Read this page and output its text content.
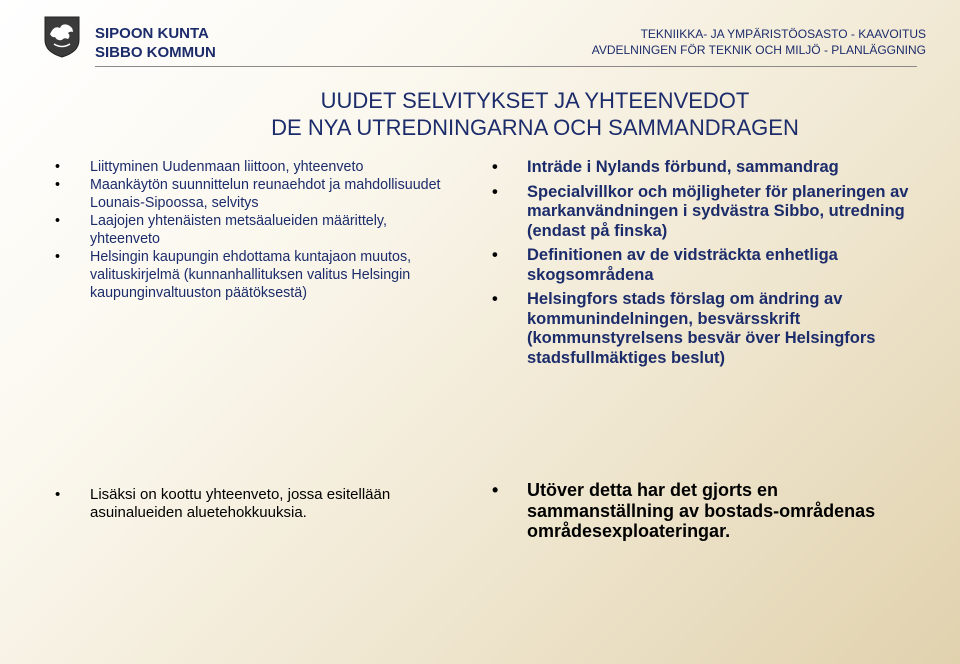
SIPOON KUNTA
SIBBO KOMMUN
TEKNIIKKA- JA YMPÄRISTÖOSASTO - KAAVOITUS
AVDELNINGEN FÖR TEKNIK OCH MILJÖ - PLANLÄGGNING
UUDET SELVITYKSET JA YHTEENVEDOT
DE NYA UTREDNINGARNA OCH SAMMANDRAGEN
• Liittyminen Uudenmaan liittoon, yhteenveto
• Maankäytön suunnittelun reunaehdot ja mahdollisuudet Lounais-Sipoossa, selvitys
• Laajojen yhtenäisten metsäalueiden määrittely, yhteenveto
• Helsingin kaupungin ehdottama kuntajaon muutos, valituskirjelmä (kunnanhallituksen valitus Helsingin kaupunginvaltuuston päätöksestä)
• Inträde i Nylands förbund, sammandrag
• Specialvillkor och möjligheter för planeringen av markanvändningen i sydvästra Sibbo, utredning (endast på finska)
• Definitionen av de vidsträckta enhetliga skogsområdena
• Helsingfors stads förslag om ändring av kommunindelningen, besvärsskrift (kommunstyrelsens besvär över Helsingfors stadsfullmäktiges beslut)
• Lisäksi on koottu yhteenveto, jossa esitellään asuinalueiden aluetehokkuuksia.
• Utöver detta har det gjorts en sammanställning av bostads-områdenas områdesexploateringar.
